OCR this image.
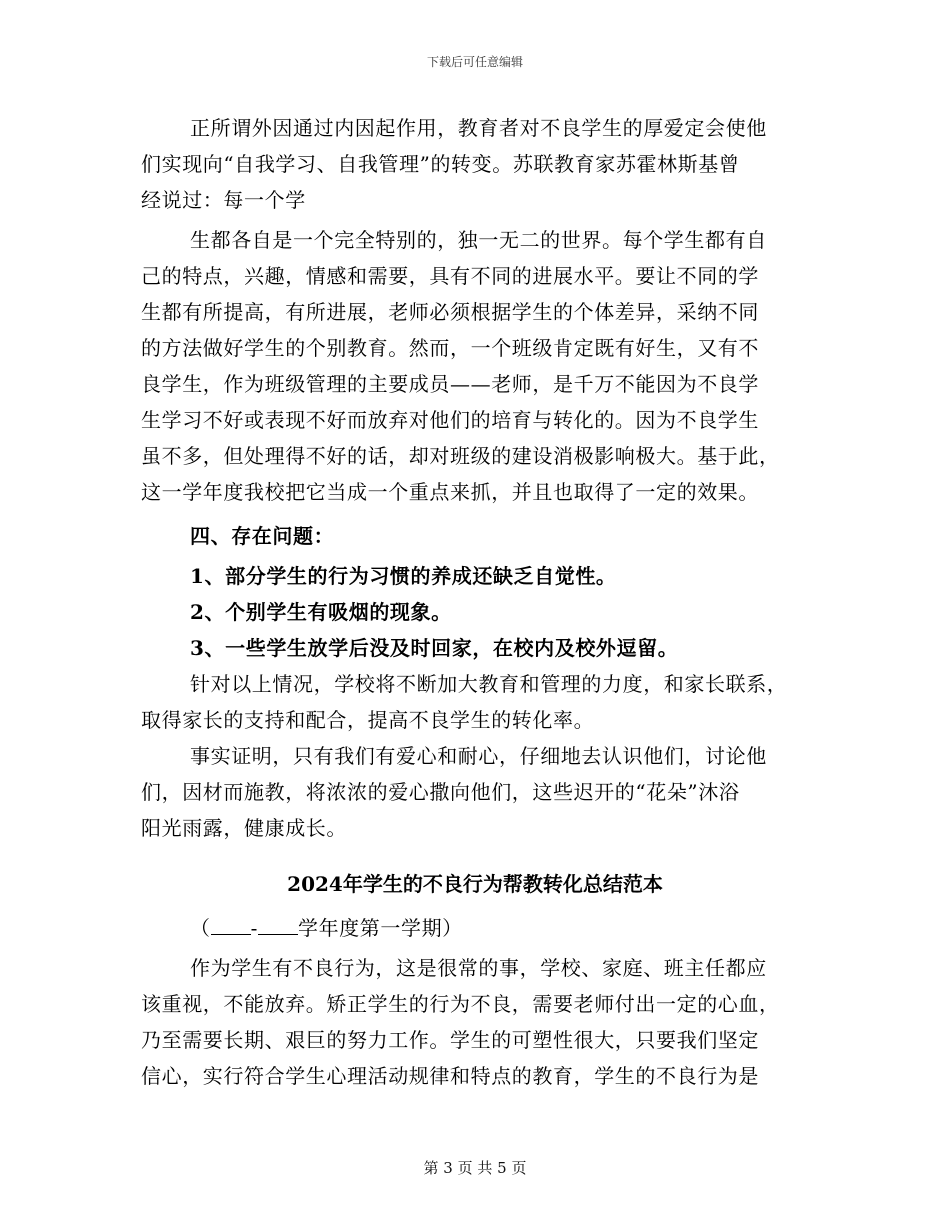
下载后可任意编辑
正所谓外因通过内因起作用，教育者对不良学生的厚爱定会使他
们实现向“自我学习、自我管理”的转变。苏联教育家苏霍林斯基曾
经说过：每一个学
生都各自是一个完全特别的，独一无二的世界。每个学生都有自
己的特点，兴趣，情感和需要，具有不同的进展水平。要让不同的学
生都有所提高，有所进展，老师必须根据学生的个体差异，采纳不同
的方法做好学生的个别教育。然而，一个班级肯定既有好生，又有不
良学生，作为班级管理的主要成员——老师，是千万不能因为不良学
生学习不好或表现不好而放弃对他们的培育与转化的。因为不良学生
虽不多，但处理得不好的话，却对班级的建设消极影响极大。基于此，
这一学年度我校把它当成一个重点来抓，并且也取得了一定的效果。
四、存在问题：
1、部分学生的行为习惯的养成还缺乏自觉性。
2、个别学生有吸烟的现象。
3、一些学生放学后没及时回家，在校内及校外逗留。
针对以上情况，学校将不断加大教育和管理的力度，和家长联系，
取得家长的支持和配合，提高不良学生的转化率。
事实证明，只有我们有爱心和耐心，仔细地去认识他们，讨论他
们，因材而施教，将浓浓的爱心撒向他们，这些迟开的“花朵”沐浴
阳光雨露，健康成长。
2024年学生的不良行为帮教转化总结范本
（ - 学年度第一学期）
作为学生有不良行为，这是很常的事，学校、家庭、班主任都应
该重视，不能放弃。矫正学生的行为不良，需要老师付出一定的心血，
乃至需要长期、艰巨的努力工作。学生的可塑性很大，只要我们坚定
信心，实行符合学生心理活动规律和特点的教育，学生的不良行为是
第 3 页 共 5 页
